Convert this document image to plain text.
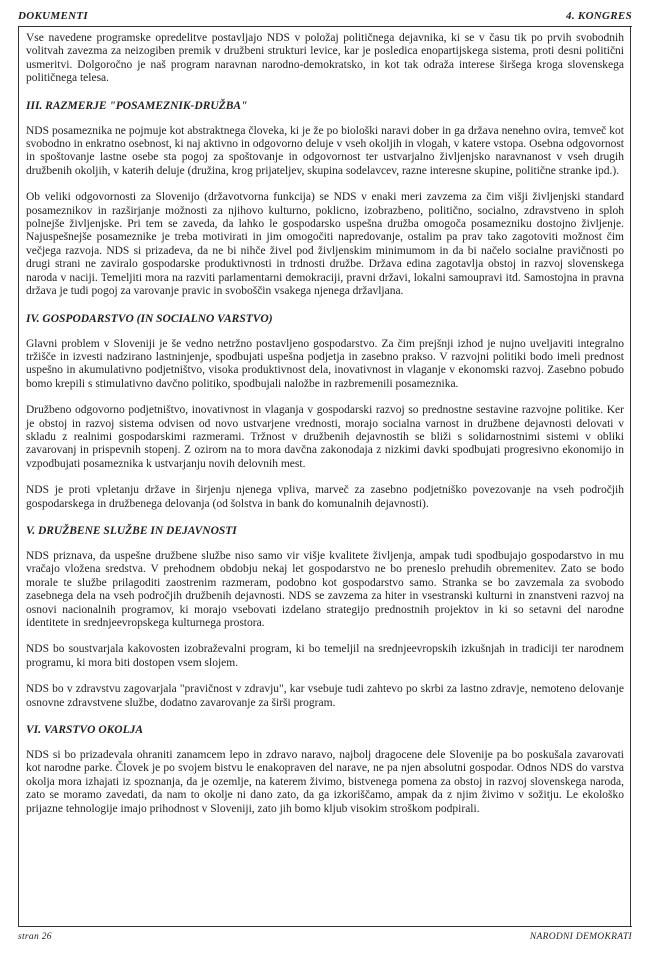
DOKUMENTI	4. KONGRES

Vse navedene programske opredelitve postavljajo NDS v položaj političnega dejavnika, ki se v času tik po prvih svobodnih volitvah zavezma za neizogiben premik v družbeni strukturi levice, kar je posledica enopartijskega sistema, proti desni politični usmeritvi. Dolgoročno je naš program naravnan narodno-demokratsko, in kot tak odraža interese širšega kroga slovenskega političnega telesa.

III. RAZMERJE "POSAMEZNIK-DRUŽBA"

NDS posameznika ne pojmuje kot abstraktnega človeka, ki je že po biološki naravi dober in ga država nenehno ovira, temveč kot svobodno in enkratno osebnost, ki naj aktivno in odgovorno deluje v vseh okoljih in vlogah, v katere vstopa. Osebna odgovornost in spoštovanje lastne osebe sta pogoj za spoštovanje in odgovornost ter ustvarjalno življenjsko naravnanost v vseh drugih družbenih okoljih, v katerih deluje (družina, krog prijateljev, skupina sodelavcev, razne interesne skupine, politične stranke ipd.).

Ob veliki odgovornosti za Slovenijo (državotvorna funkcija) se NDS v enaki meri zavzema za čim višji življenjski standard posameznikov in razširjanje možnosti za njihovo kulturno, poklicno, izobrazbeno, politično, socialno, zdravstveno in sploh polnejše življenjske. Pri tem se zaveda, da lahko le gospodarsko uspešna družba omogoča posamezniku dostojno življenje. Najuspešnejše posameznike je treba motivirati in jim omogočiti napredovanje, ostalim pa prav tako zagotoviti možnost čim večjega razvoja. NDS si prizadeva, da ne bi nihče živel pod življenskim minimumom in da bi načelo socialne pravičnosti po drugi strani ne zaviralo gospodarske produktivnosti in trdnosti družbe. Država edina zagotavlja obstoj in razvoj slovenskega naroda v naciji. Temeljiti mora na razviti parlamentarni demokraciji, pravni državi, lokalni samoupravi itd. Samostojna in pravna država je tudi pogoj za varovanje pravic in svoboščin vsakega njenega državljana.

IV. GOSPODARSTVO (IN SOCIALNO VARSTVO)

Glavni problem v Sloveniji je še vedno netržno postavljeno gospodarstvo. Za čim prejšnji izhod je nujno uveljaviti integralno tržišče in izvesti nadzirano lastninjenje, spodbujati uspešna podjetja in zasebno prakso. V razvojni politiki bodo imeli prednost uspešno in akumulativno podjetništvo, visoka produktivnost dela, inovativnost in vlaganje v ekonomski razvoj. Zasebno pobudo bomo krepili s stimulativno davčno politiko, spodbujali naložbe in razbremenili posameznika.

Družbeno odgovorno podjetništvo, inovativnost in vlaganja v gospodarski razvoj so prednostne sestavine razvojne politike. Ker je obstoj in razvoj sistema odvisen od novo ustvarjene vrednosti, morajo socialna varnost in družbene dejavnosti delovati v skladu z realnimi gospodarskimi razmerami. Tržnost v družbenih dejavnostih se bliži s solidarnostnimi sistemi v obliki zavarovanj in prispevnih stopenj. Z ozirom na to mora davčna zakonodaja z nizkimi davki spodbujati progresivno ekonomijo in vzpodbujati posameznika k ustvarjanju novih delovnih mest.

NDS je proti vpletanju države in širjenju njenega vpliva, marveč za zasebno podjetniško povezovanje na vseh področjih gospodarskega in družbenega delovanja (od šolstva in bank do komunalnih dejavnosti).

V. DRUŽBENE SLUŽBE IN DEJAVNOSTI

NDS priznava, da uspešne družbene službe niso samo vir višje kvalitete življenja, ampak tudi spodbujajo gospodarstvo in mu vračajo vložena sredstva. V prehodnem obdobju nekaj let gospodarstvo ne bo preneslo prehudih obremenitev. Zato se bodo morale te službe prilagoditi zaostrenim razmeram, podobno kot gospodarstvo samo. Stranka se bo zavzemala za svobodo zasebnega dela na vseh področjih družbenih dejavnosti. NDS se zavzema za hiter in vsestranski kulturni in znanstveni razvoj na osnovi nacionalnih programov, ki morajo vsebovati izdelano strategijo prednostnih projektov in ki so setavni del narodne identitete in srednjeevropskega kulturnega prostora.

NDS bo soustvarjala kakovosten izobraževalni program, ki bo temeljil na srednjeevropskih izkušnjah in tradiciji ter narodnem programu, ki mora biti dostopen vsem slojem.

NDS bo v zdravstvu zagovarjala "pravičnost v zdravju", kar vsebuje tudi zahtevo po skrbi za lastno zdravje, nemoteno delovanje osnovne zdravstvene službe, dodatno zavarovanje za širši program.

VI. VARSTVO OKOLJA

NDS si bo prizadevala ohraniti zanamcem lepo in zdravo naravo, najbolj dragocene dele Slovenije pa bo poskušala zavarovati kot narodne parke. Človek je po svojem bistvu le enakopraven del narave, ne pa njen absolutni gospodar. Odnos NDS do varstva okolja mora izhajati iz spoznanja, da je ozemlje, na katerem živimo, bistvenega pomena za obstoj in razvoj slovenskega naroda, zato se moramo zavedati, da nam to okolje ni dano zato, da ga izkoriščamo, ampak da z njim živimo v sožitju. Le ekološko prijazne tehnologije imajo prihodnost v Sloveniji, zato jih bomo kljub visokim stroškom podpirali.

stran 26	NARODNI DEMOKRATI
